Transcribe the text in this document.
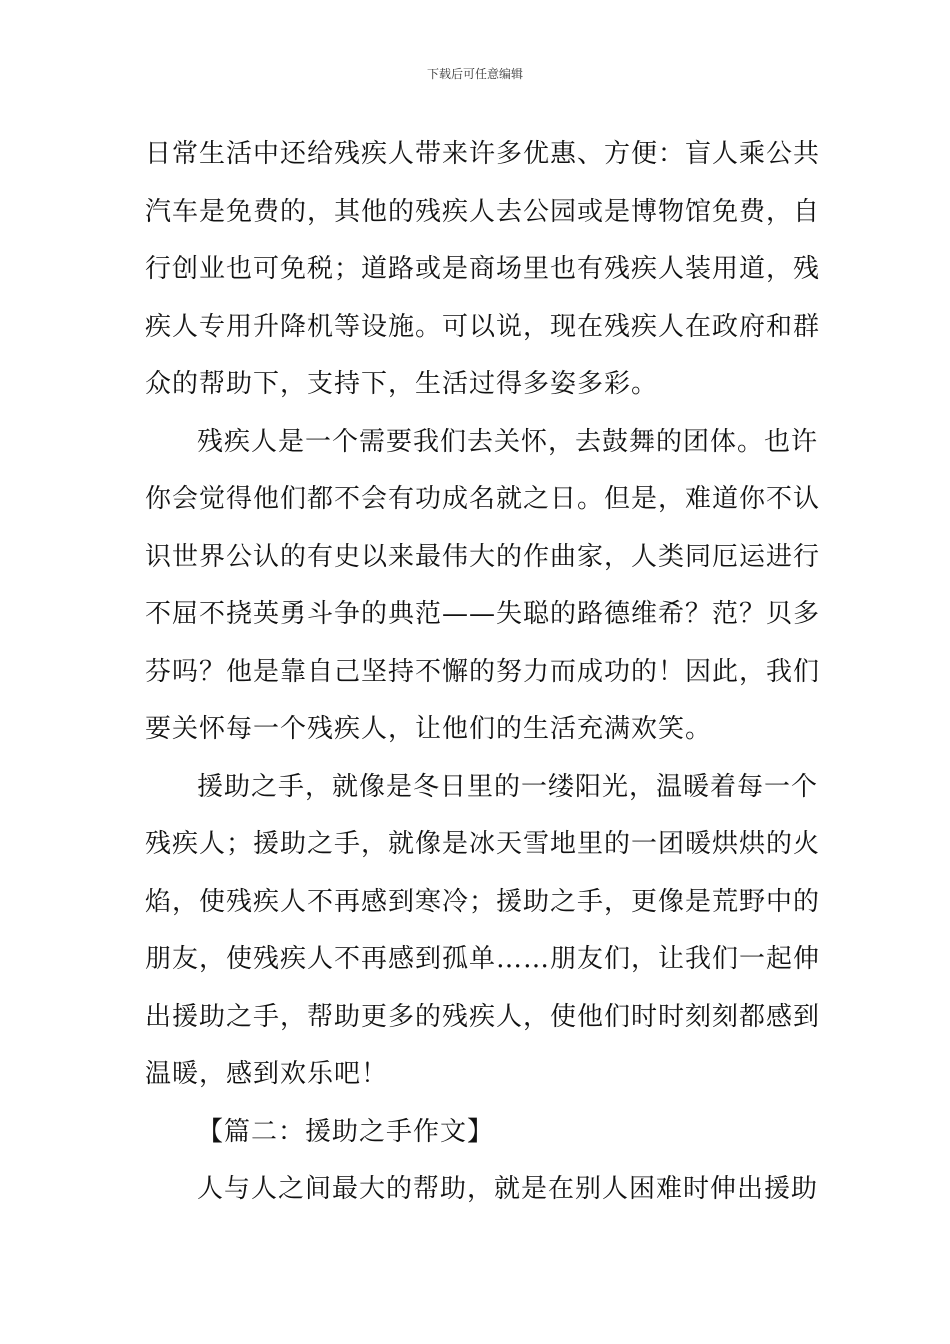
下载后可任意编辑
日常生活中还给残疾人带来许多优惠、方便：盲人乘公共
汽车是免费的，其他的残疾人去公园或是博物馆免费，自
行创业也可免税；道路或是商场里也有残疾人装用道，残
疾人专用升降机等设施。可以说，现在残疾人在政府和群
众的帮助下，支持下，生活过得多姿多彩。
残疾人是一个需要我们去关怀，去鼓舞的团体。也许
你会觉得他们都不会有功成名就之日。但是，难道你不认
识世界公认的有史以来最伟大的作曲家，人类同厄运进行
不屈不挠英勇斗争的典范——失聪的路德维希？范？贝多
芬吗？他是靠自己坚持不懈的努力而成功的！因此，我们
要关怀每一个残疾人，让他们的生活充满欢笑。
援助之手，就像是冬日里的一缕阳光，温暖着每一个
残疾人；援助之手，就像是冰天雪地里的一团暖烘烘的火
焰，使残疾人不再感到寒冷；援助之手，更像是荒野中的
朋友，使残疾人不再感到孤单……朋友们，让我们一起伸
出援助之手，帮助更多的残疾人，使他们时时刻刻都感到
温暖，感到欢乐吧！
【篇二：援助之手作文】
人与人之间最大的帮助，就是在别人困难时伸出援助
